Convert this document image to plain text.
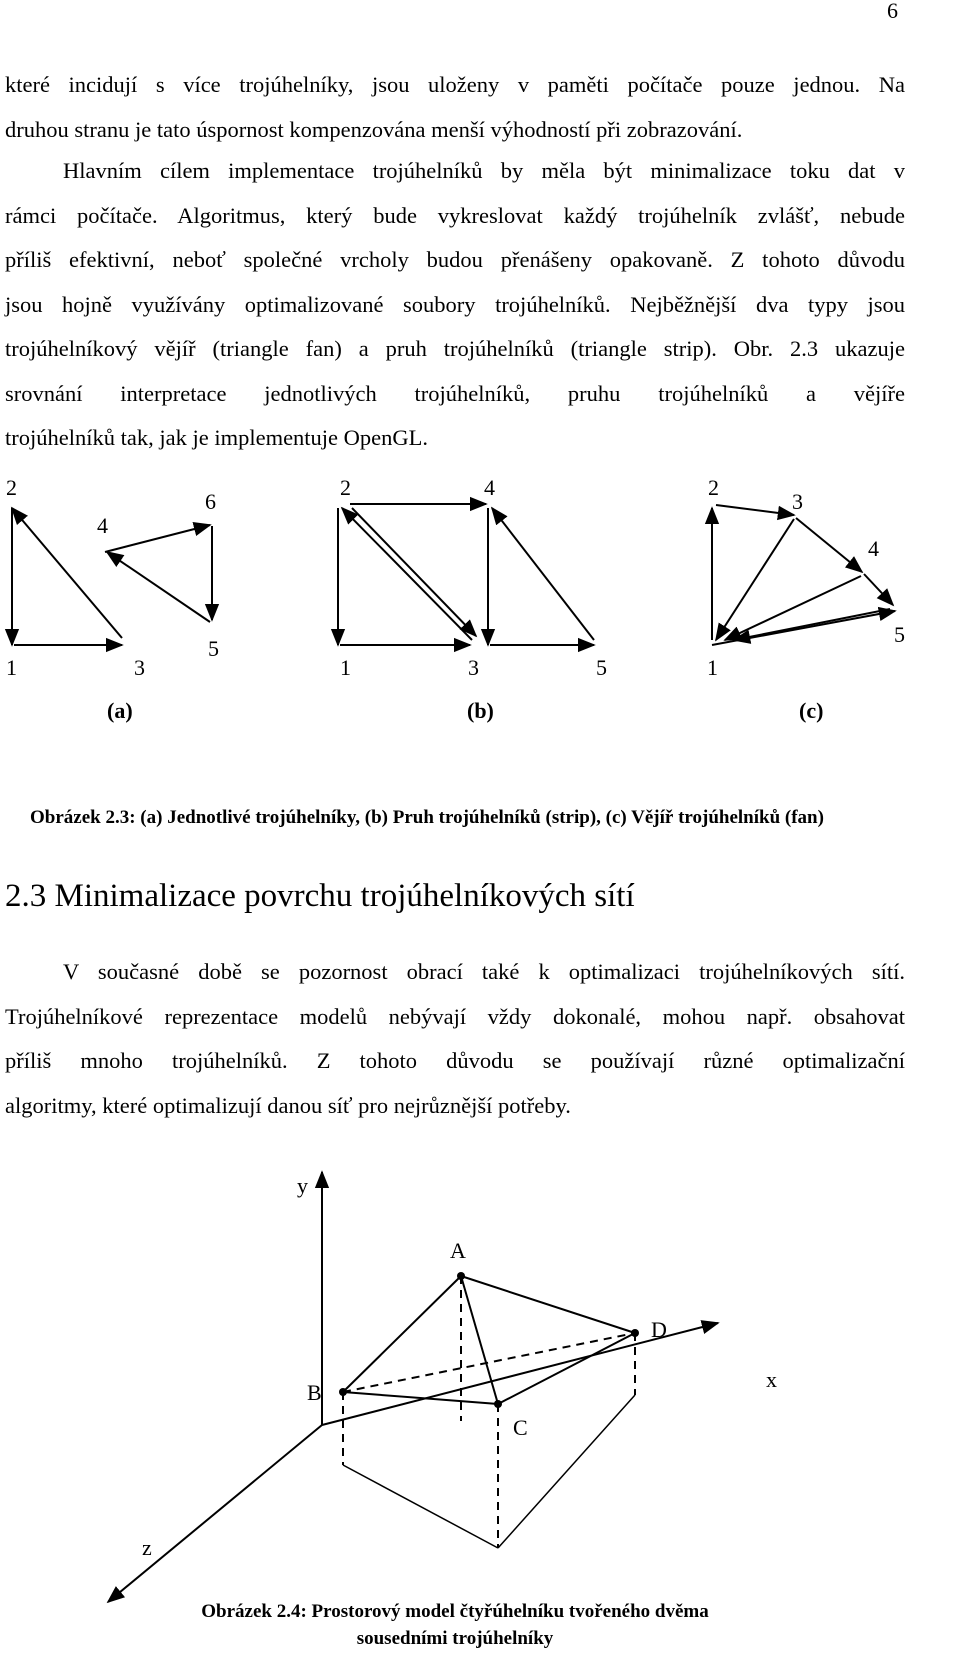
6
které incidují s více trojúhelníky, jsou uloženy v paměti počítače pouze jednou. Na
druhou stranu je tato úspornost kompenzována menší výhodností při zobrazování.
Hlavním cílem implementace trojúhelníků by měla být minimalizace toku dat v
rámci počítače. Algoritmus, který bude vykreslovat každý trojúhelník zvlášť, nebude
příliš efektivní, neboť společné vrcholy budou přenášeny opakovaně. Z tohoto důvodu
jsou hojně využívány optimalizované soubory trojúhelníků. Nejběžnější dva typy jsou
trojúhelníkový vějíř (triangle fan) a pruh trojúhelníků (triangle strip). Obr. 2.3 ukazuje
srovnání interpretace jednotlivých trojúhelníků, pruhu trojúhelníků a vějíře
trojúhelníků tak, jak je implementuje OpenGL.
2
4
6
1	3
5
(a)
2	4
1	3	5
(b)
2
3
4
5
1
(c)
Obrázek 2.3: (a) Jednotlivé trojúhelníky, (b) Pruh trojúhelníků (strip), (c) Vějíř trojúhelníků (fan)
2.3 Minimalizace povrchu trojúhelníkových sítí
V současné době se pozornost obrací také k optimalizaci trojúhelníkových sítí.
Trojúhelníkové reprezentace modelů nebývají vždy dokonalé, mohou např. obsahovat
příliš mnoho trojúhelníků. Z tohoto důvodu se používají různé optimalizační
algoritmy, které optimalizují danou síť pro nejrůznější potřeby.
y
x
z
A
B
C
D
Obrázek 2.4: Prostorový model čtyřúhelníku tvořeného dvěma
sousedními trojúhelníky
